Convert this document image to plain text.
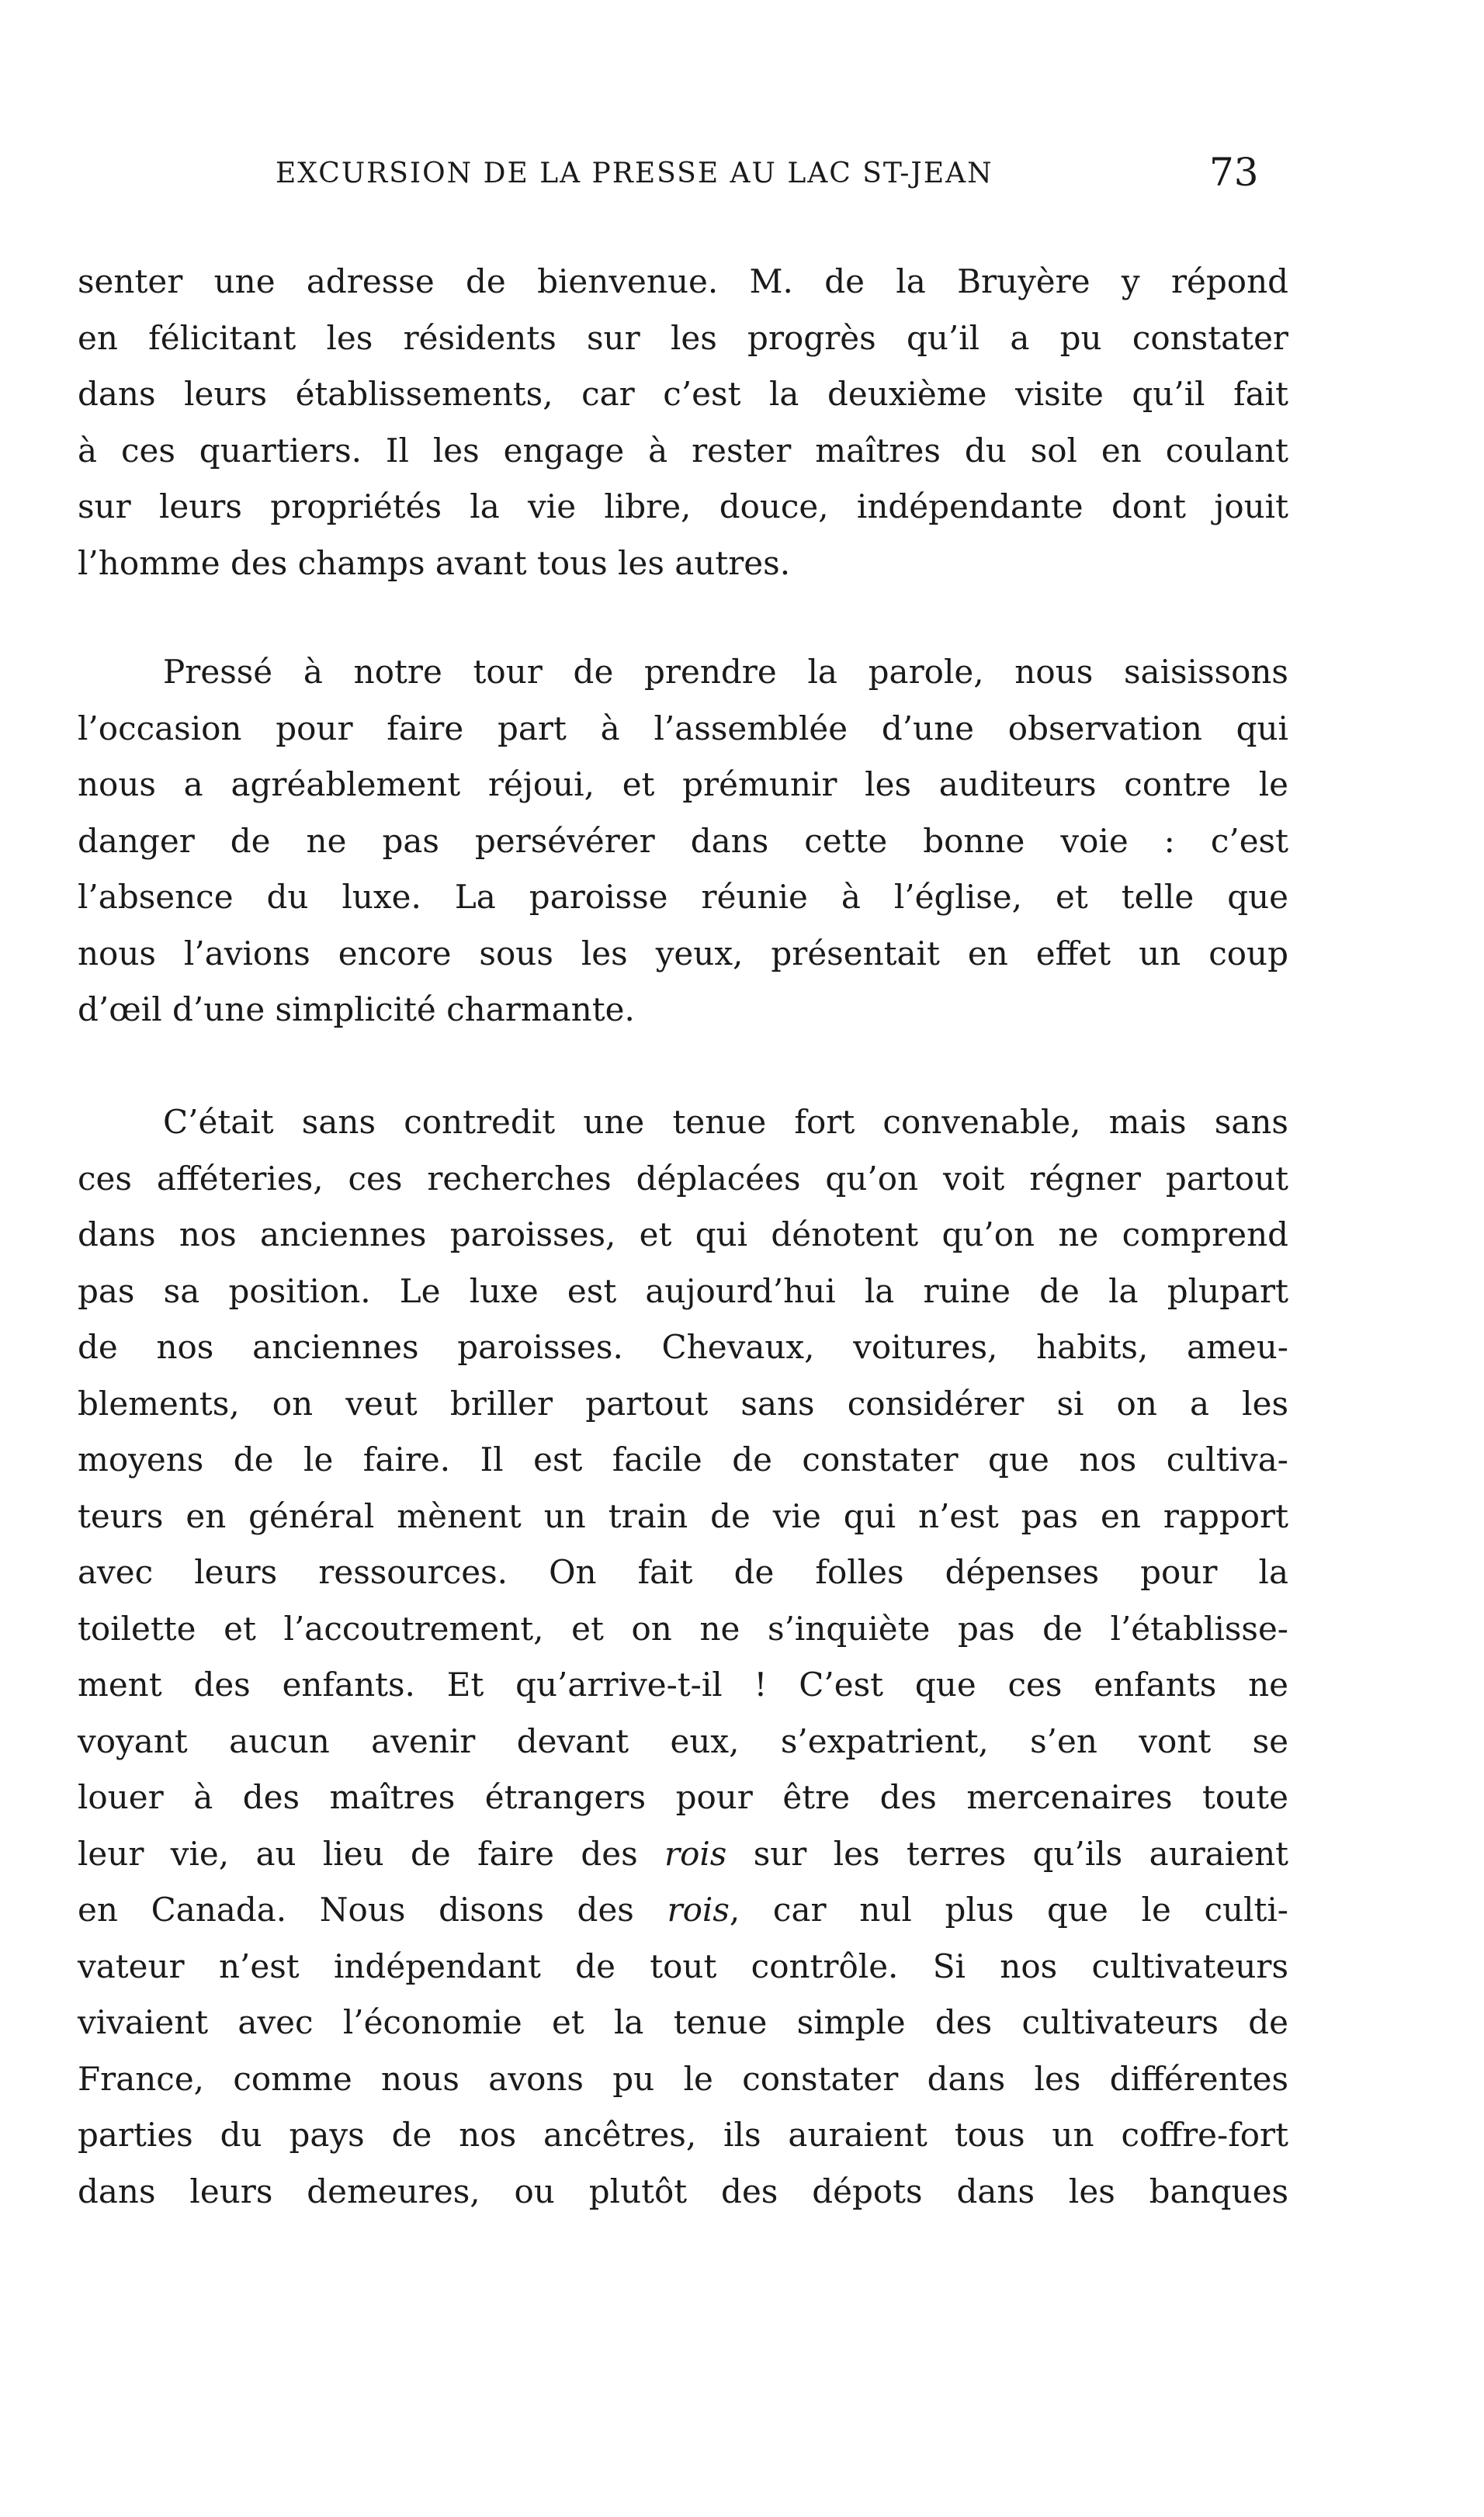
EXCURSION DE LA PRESSE AU LAC ST-JEAN	73
senter une adresse de bienvenue. M. de la Bruyère y répond
en félicitant les résidents sur les progrès qu’il a pu constater
dans leurs établissements, car c’est la deuxième visite qu’il fait
à ces quartiers. Il les engage à rester maîtres du sol en coulant
sur leurs propriétés la vie libre, douce, indépendante dont jouit
l’homme des champs avant tous les autres.
Pressé à notre tour de prendre la parole, nous saisissons
l’occasion pour faire part à l’assemblée d’une observation qui
nous a agréablement réjoui, et prémunir les auditeurs contre le
danger de ne pas persévérer dans cette bonne voie : c’est
l’absence du luxe. La paroisse réunie à l’église, et telle que
nous l’avions encore sous les yeux, présentait en effet un coup
d’œil d’une simplicité charmante.
C’était sans contredit une tenue fort convenable, mais sans
ces afféteries, ces recherches déplacées qu’on voit régner partout
dans nos anciennes paroisses, et qui dénotent qu’on ne comprend
pas sa position. Le luxe est aujourd’hui la ruine de la plupart
de nos anciennes paroisses. Chevaux, voitures, habits, ameu-
blements, on veut briller partout sans considérer si on a les
moyens de le faire. Il est facile de constater que nos cultiva-
teurs en général mènent un train de vie qui n’est pas en rapport
avec leurs ressources. On fait de folles dépenses pour la
toilette et l’accoutrement, et on ne s’inquiète pas de l’établisse-
ment des enfants. Et qu’arrive-t-il ! C’est que ces enfants ne
voyant aucun avenir devant eux, s’expatrient, s’en vont se
louer à des maîtres étrangers pour être des mercenaires toute
leur vie, au lieu de faire des rois sur les terres qu’ils auraient
en Canada. Nous disons des rois, car nul plus que le culti-
vateur n’est indépendant de tout contrôle. Si nos cultivateurs
vivaient avec l’économie et la tenue simple des cultivateurs de
France, comme nous avons pu le constater dans les différentes
parties du pays de nos ancêtres, ils auraient tous un coffre-fort
dans leurs demeures, ou plutôt des dépots dans les banques
